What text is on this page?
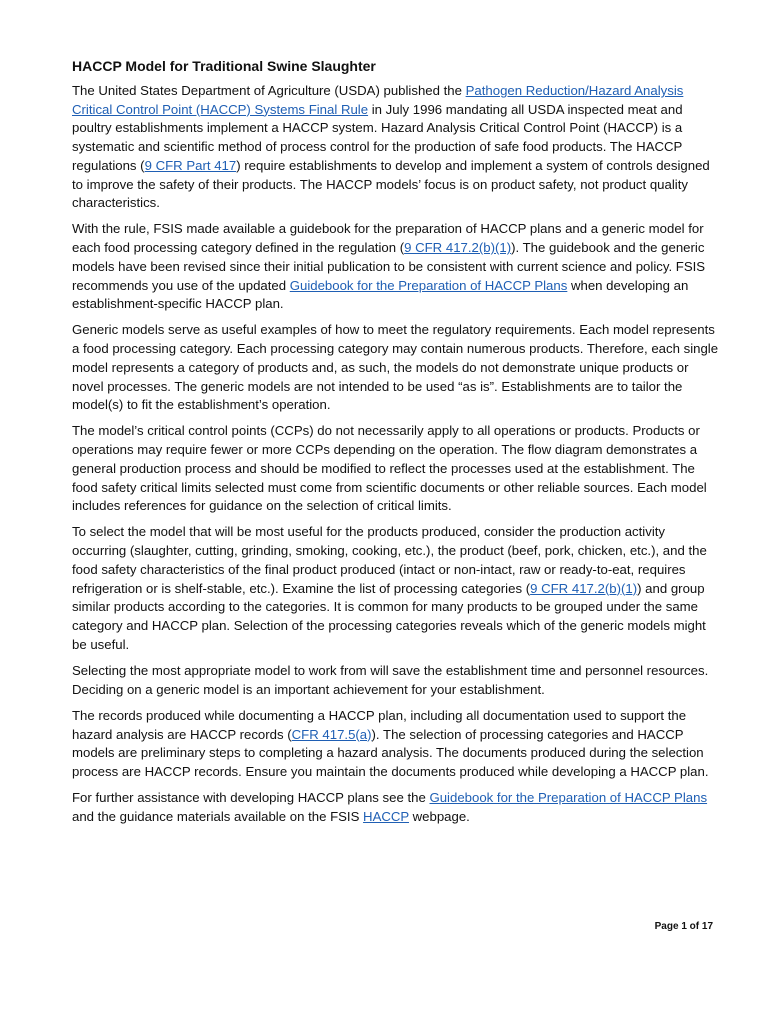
HACCP Model for Traditional Swine Slaughter

The United States Department of Agriculture (USDA) published the Pathogen Reduction/Hazard Analysis Critical Control Point (HACCP) Systems Final Rule in July 1996 mandating all USDA inspected meat and poultry establishments implement a HACCP system. Hazard Analysis Critical Control Point (HACCP) is a systematic and scientific method of process control for the production of safe food products. The HACCP regulations (9 CFR Part 417) require establishments to develop and implement a system of controls designed to improve the safety of their products. The HACCP models’ focus is on product safety, not product quality characteristics.

With the rule, FSIS made available a guidebook for the preparation of HACCP plans and a generic model for each food processing category defined in the regulation (9 CFR 417.2(b)(1)). The guidebook and the generic models have been revised since their initial publication to be consistent with current science and policy. FSIS recommends you use of the updated Guidebook for the Preparation of HACCP Plans when developing an establishment-specific HACCP plan.

Generic models serve as useful examples of how to meet the regulatory requirements. Each model represents a food processing category. Each processing category may contain numerous products. Therefore, each single model represents a category of products and, as such, the models do not demonstrate unique products or novel processes. The generic models are not intended to be used “as is”. Establishments are to tailor the model(s) to fit the establishment’s operation.

The model’s critical control points (CCPs) do not necessarily apply to all operations or products. Products or operations may require fewer or more CCPs depending on the operation. The flow diagram demonstrates a general production process and should be modified to reflect the processes used at the establishment. The food safety critical limits selected must come from scientific documents or other reliable sources. Each model includes references for guidance on the selection of critical limits.

To select the model that will be most useful for the products produced, consider the production activity occurring (slaughter, cutting, grinding, smoking, cooking, etc.), the product (beef, pork, chicken, etc.), and the food safety characteristics of the final product produced (intact or non-intact, raw or ready-to-eat, requires refrigeration or is shelf-stable, etc.). Examine the list of processing categories (9 CFR 417.2(b)(1)) and group similar products according to the categories. It is common for many products to be grouped under the same category and HACCP plan. Selection of the processing categories reveals which of the generic models might be useful.

Selecting the most appropriate model to work from will save the establishment time and personnel resources. Deciding on a generic model is an important achievement for your establishment.

The records produced while documenting a HACCP plan, including all documentation used to support the hazard analysis are HACCP records (CFR 417.5(a)). The selection of processing categories and HACCP models are preliminary steps to completing a hazard analysis. The documents produced during the selection process are HACCP records. Ensure you maintain the documents produced while developing a HACCP plan.

For further assistance with developing HACCP plans see the Guidebook for the Preparation of HACCP Plans and the guidance materials available on the FSIS HACCP webpage.

Page 1 of 17
